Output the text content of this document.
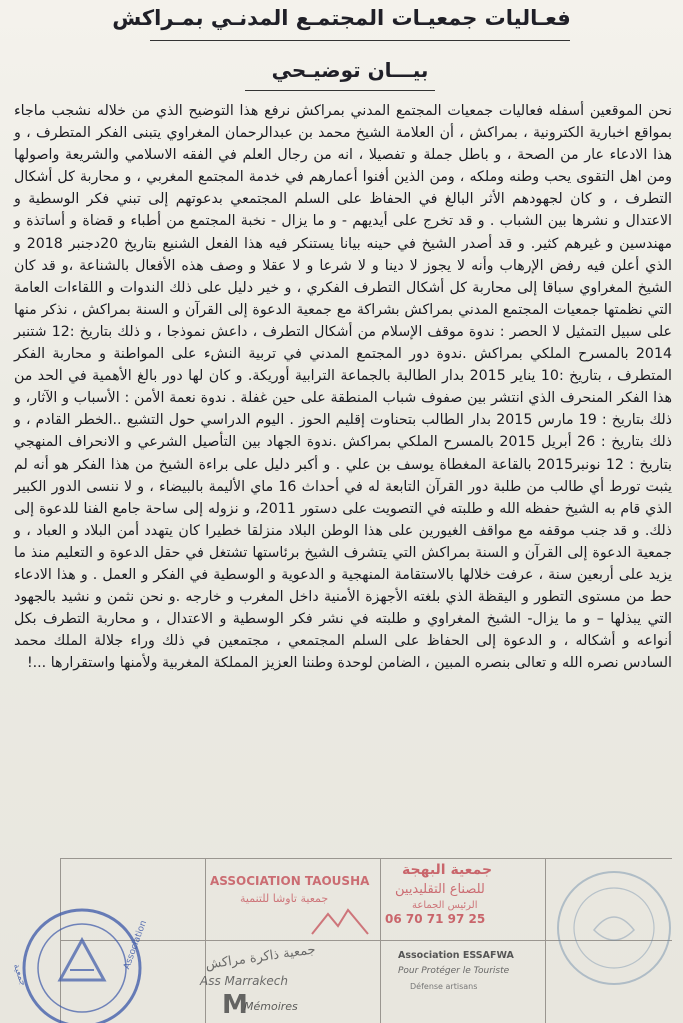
فعـاليات جمعيـات المجتمـع المدنـي بمـراكش
بيـــان توضيـحي

نحن الموقعين أسفله فعاليات جمعيات المجتمع المدني بمراكش نرفع هذا التوضيح الذي من خلاله نشجب ماجاء بمواقع اخبارية الكترونية ، بمراكش ، أن العلامة الشيخ محمد بن عبدالرحمان المغراوي يتبنى الفكر المتطرف ، و هذا الادعاء عار من الصحة ، و باطل جملة و تفصيلا ، انه من رجال العلم في الفقه الاسلامي والشريعة واصولها ومن اهل التقوى يحب وطنه وملكه ، ومن الذين أفنوا أعمارهم في خدمة المجتمع المغربي ، و محاربة كل أشكال التطرف ، و كان لجهودهم الأثر البالغ في الحفاظ على السلم المجتمعي بدعوتهم إلى تبني فكر الوسطية و الاعتدال و نشرها بين الشباب . و قد تخرج على أيديهم - و ما يزال - نخبة المجتمع من أطباء و قضاة و أساتذة و مهندسين و غيرهم كثير. و قد أصدر الشيخ في حينه بيانا يستنكر فيه هذا الفعل الشنيع بتاريخ 20دجنبر 2018 و الذي أعلن فيه رفض الإرهاب وأنه لا يجوز لا دينا و لا شرعا و لا عقلا و وصف هذه الأفعال بالشناعة ،و قد كان الشيخ المغراوي سباقا إلى محاربة كل أشكال التطرف الفكري ، و خير دليل على ذلك الندوات و اللقاءات العامة التي نظمتها جمعيات المجتمع المدني بمراكش بشراكة مع جمعية الدعوة إلى القرآن و السنة بمراكش ، نذكر منها على سبيل التمثيل لا الحصر : ندوة موقف الإسلام من أشكال التطرف ، داعش نموذجا ، و ذلك بتاريخ :12 شتنبر 2014 بالمسرح الملكي بمراكش .ندوة دور المجتمع المدني في تربية النشء على المواطنة و محاربة الفكر المتطرف ، بتاريخ :10 يناير 2015 بدار الطالبة بالجماعة الترابية أوريكة. و كان لها دور بالغ الأهمية في الحد من هذا الفكر المنحرف الذي انتشر بين صفوف شباب المنطقة على حين غفلة . ندوة نعمة الأمن : الأسباب و الآثار، و ذلك بتاريخ : 19 مارس 2015 بدار الطالب بتحناوت إقليم الحوز . اليوم الدراسي حول التشيع ..الخطر القادم ، و ذلك بتاريخ : 26 أبريل 2015 بالمسرح الملكي بمراكش .ندوة الجهاد بين التأصيل الشرعي و الانحراف المنهجي بتاريخ : 12 نونبر2015 بالقاعة المغطاة يوسف بن علي . و أكبر دليل على براءة الشيخ من هذا الفكر هو أنه لم يثبت تورط أي طالب من طلبة دور القرآن التابعة له في أحداث 16 ماي الأليمة بالبيضاء ، و لا ننسى الدور الكبير الذي قام به الشيخ حفظه الله و طلبته في التصويت على دستور 2011، و نزوله إلى ساحة جامع الفنا للدعوة إلى ذلك. و قد جنب موقفه مع مواقف الغيورين على هذا الوطن البلاد منزلقا خطيرا كان يتهدد أمن البلاد و العباد ، و جمعية الدعوة إلى القرآن و السنة بمراكش التي يتشرف الشيخ برئاستها تشتغل في حقل الدعوة و التعليم منذ ما يزيد على أربعين سنة ، عرفت خلالها بالاستقامة المنهجية و الدعوية و الوسطية في الفكر و العمل . و هذا الادعاء حط من مستوى التطور و اليقظة الذي بلغته الأجهزة الأمنية داخل المغرب و خارجه .و نحن نثمن و نشيد بالجهود التي يبذلها – و ما يزال- الشيخ المغراوي و طلبته في نشر فكر الوسطية و الاعتدال ، و محاربة التطرف بكل أنواعه و أشكاله ، و الدعوة إلى الحفاظ على السلم المجتمعي ، مجتمعين في ذلك وراء جلالة الملك محمد السادس نصره الله و تعالى بنصره المبين ، الضامن لوحدة وطننا العزيز المملكة المغربية ولأمنها واستقرارها ...!

Association
جمعية
ASSOCIATION TAOUSHA
جمعية تاوشا للتنمية
جمعية ذاكرة مراكش
Ass Marrakech
M
Mémoires
جمعية البهجة
للصناع التقليديين
الرئيس الجماعة
06 70 71 97 25
Association ESSAFWA
Pour Protéger le Touriste
Défense artisans
